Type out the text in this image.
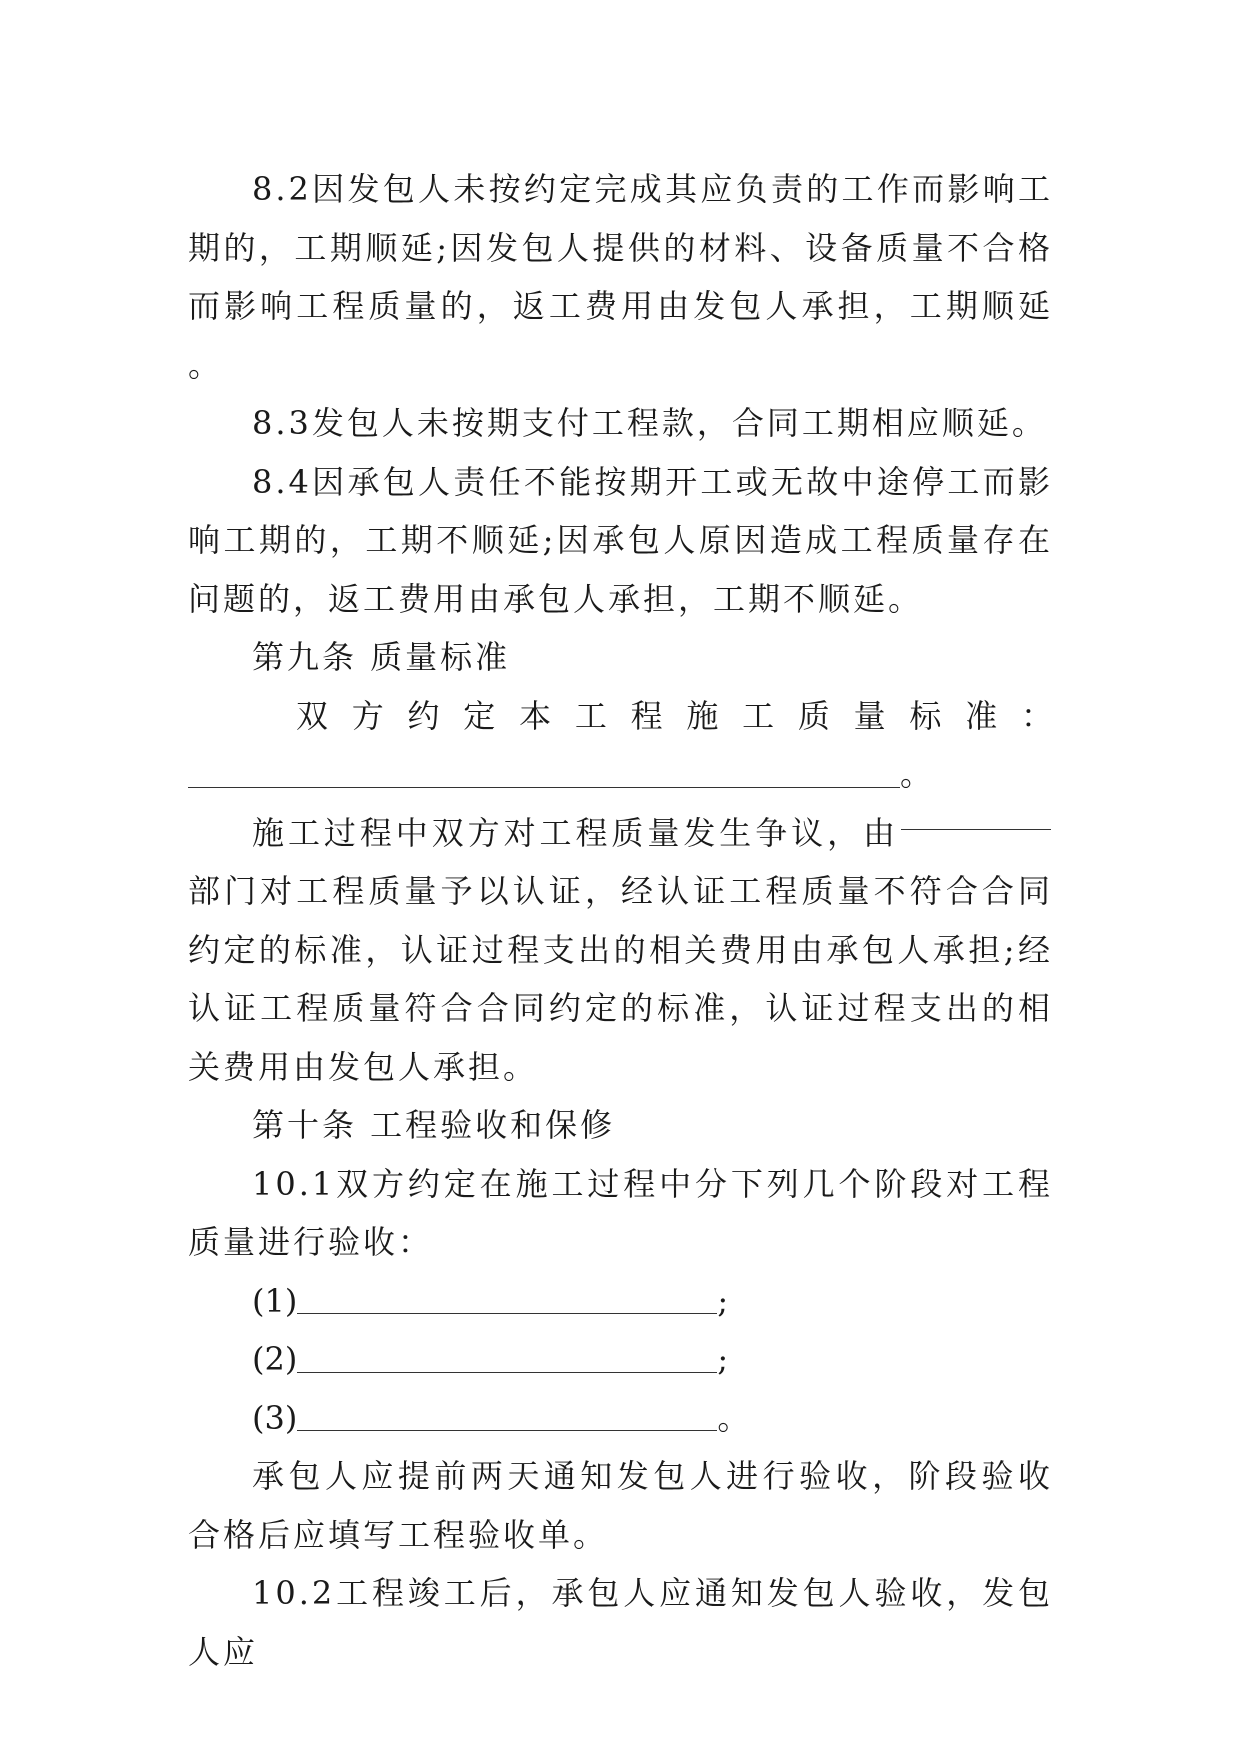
8.2因发包人未按约定完成其应负责的工作而影响工期的，工期顺延;因发包人提供的材料、设备质量不合格而影响工程质量的，返工费用由发包人承担，工期顺延。

8.3发包人未按期支付工程款，合同工期相应顺延。

8.4因承包人责任不能按期开工或无故中途停工而影响工期的，工期不顺延;因承包人原因造成工程质量存在问题的，返工费用由承包人承担，工期不顺延。

第九条 质量标准

双 方 约 定 本 工 程 施 工 质 量 标 准 ：

。

施工过程中双方对工程质量发生争议，由部门对工程质量予以认证，经认证工程质量不符合合同约定的标准，认证过程支出的相关费用由承包人承担;经认证工程质量符合合同约定的标准，认证过程支出的相关费用由发包人承担。

第十条 工程验收和保修

10.1双方约定在施工过程中分下列几个阶段对工程质量进行验收：

(1)	;

(2)	;

(3)	。

承包人应提前两天通知发包人进行验收，阶段验收合格后应填写工程验收单。

10.2工程竣工后，承包人应通知发包人验收，发包人应
